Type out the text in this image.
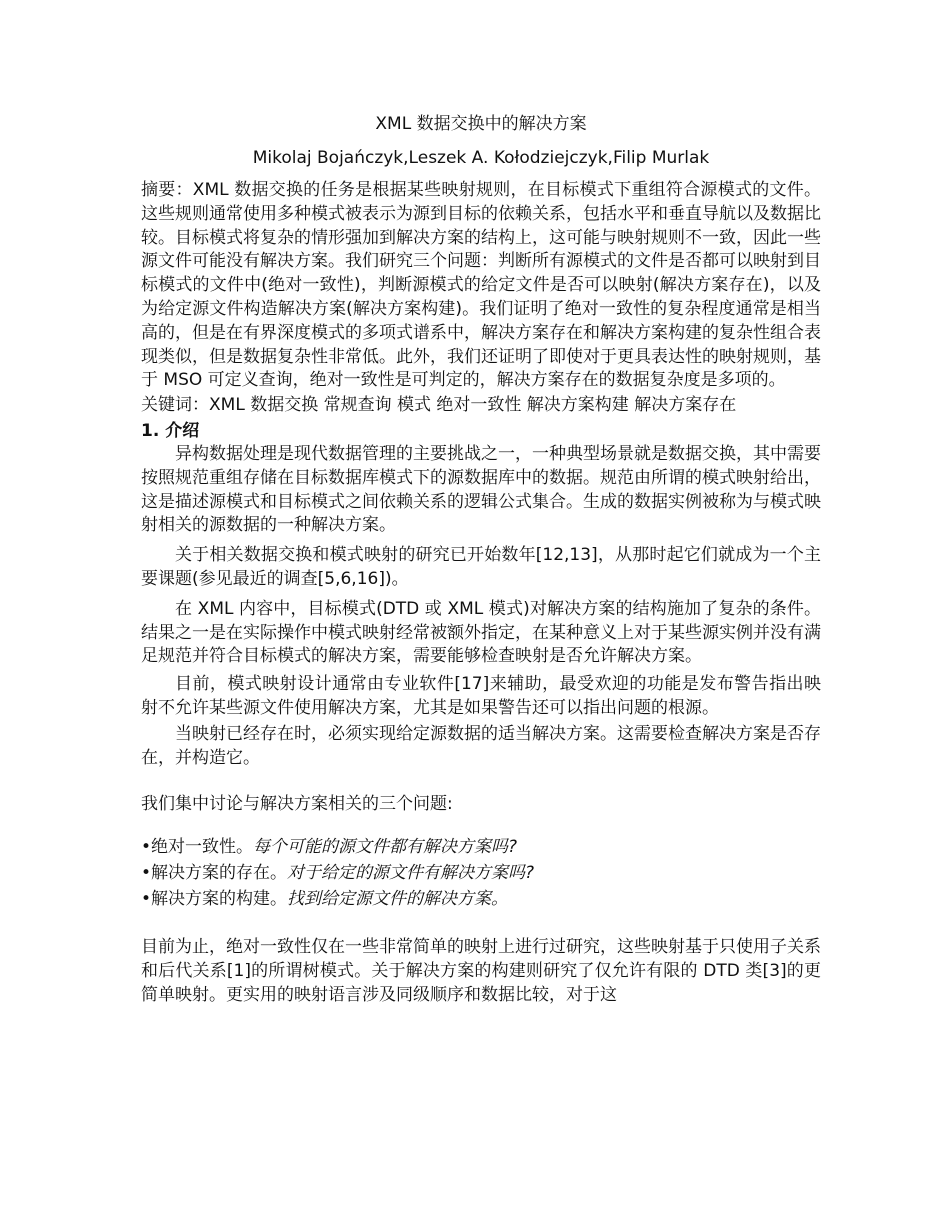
XML 数据交换中的解决方案
Mikolaj Bojańczyk,Leszek A. Kołodziejczyk,Filip Murlak

摘要：XML 数据交换的任务是根据某些映射规则，在目标模式下重组符合源模式的文件。这些规则通常使用多种模式被表示为源到目标的依赖关系，包括水平和垂直导航以及数据比较。目标模式将复杂的情形强加到解决方案的结构上，这可能与映射规则不一致，因此一些源文件可能没有解决方案。我们研究三个问题：判断所有源模式的文件是否都可以映射到目标模式的文件中(绝对一致性)，判断源模式的给定文件是否可以映射(解决方案存在)，以及为给定源文件构造解决方案(解决方案构建)。我们证明了绝对一致性的复杂程度通常是相当高的，但是在有界深度模式的多项式谱系中，解决方案存在和解决方案构建的复杂性组合表现类似，但是数据复杂性非常低。此外，我们还证明了即使对于更具表达性的映射规则，基于 MSO 可定义查询，绝对一致性是可判定的，解决方案存在的数据复杂度是多项的。

关键词：XML 数据交换 常规查询 模式 绝对一致性 解决方案构建 解决方案存在

1. 介绍

异构数据处理是现代数据管理的主要挑战之一，一种典型场景就是数据交换，其中需要按照规范重组存储在目标数据库模式下的源数据库中的数据。规范由所谓的模式映射给出，这是描述源模式和目标模式之间依赖关系的逻辑公式集合。生成的数据实例被称为与模式映射相关的源数据的一种解决方案。

关于相关数据交换和模式映射的研究已开始数年[12,13]，从那时起它们就成为一个主要课题(参见最近的调查[5,6,16])。

在 XML 内容中，目标模式(DTD 或 XML 模式)对解决方案的结构施加了复杂的条件。结果之一是在实际操作中模式映射经常被额外指定，在某种意义上对于某些源实例并没有满足规范并符合目标模式的解决方案，需要能够检查映射是否允许解决方案。

目前，模式映射设计通常由专业软件[17]来辅助，最受欢迎的功能是发布警告指出映射不允许某些源文件使用解决方案，尤其是如果警告还可以指出问题的根源。

当映射已经存在时，必须实现给定源数据的适当解决方案。这需要检查解决方案是否存在，并构造它。

我们集中讨论与解决方案相关的三个问题:

•绝对一致性。每个可能的源文件都有解决方案吗?

•解决方案的存在。对于给定的源文件有解决方案吗?

•解决方案的构建。找到给定源文件的解决方案。

目前为止，绝对一致性仅在一些非常简单的映射上进行过研究，这些映射基于只使用子关系和后代关系[1]的所谓树模式。关于解决方案的构建则研究了仅允许有限的 DTD 类[3]的更简单映射。更实用的映射语言涉及同级顺序和数据比较，对于这
